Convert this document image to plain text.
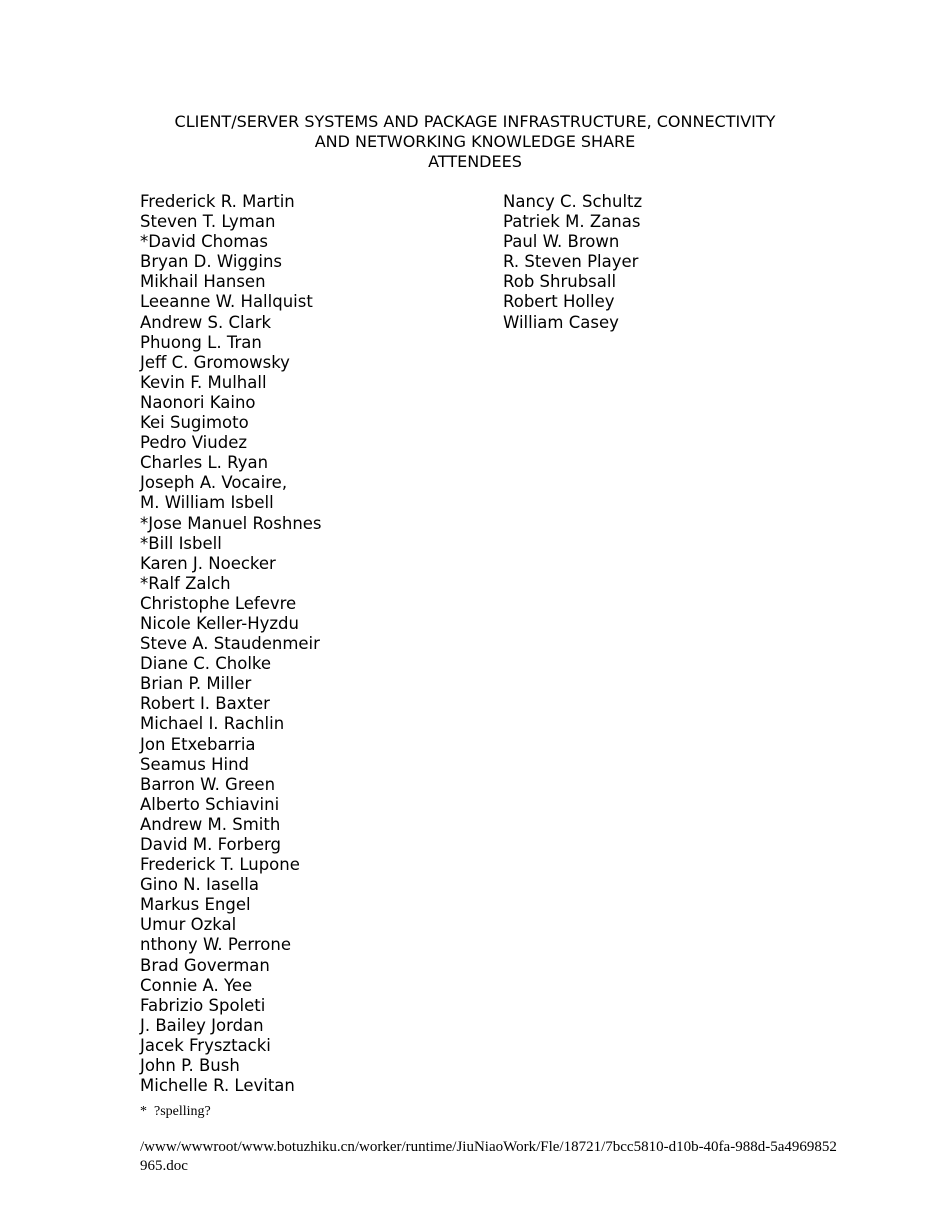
CLIENT/SERVER SYSTEMS AND PACKAGE INFRASTRUCTURE, CONNECTIVITY
AND NETWORKING KNOWLEDGE SHARE
ATTENDEES
Frederick R. Martin
Steven T. Lyman
*David Chomas
Bryan D. Wiggins
Mikhail Hansen
Leeanne W. Hallquist
Andrew S. Clark
Phuong L. Tran
Jeff C. Gromowsky
Kevin F. Mulhall
Naonori Kaino
Kei Sugimoto
Pedro Viudez
Charles L. Ryan
Joseph A. Vocaire,
M. William Isbell
*Jose Manuel Roshnes
*Bill Isbell
Karen J. Noecker
*Ralf Zalch
Christophe Lefevre
Nicole Keller-Hyzdu
Steve A. Staudenmeir
Diane C. Cholke
Brian P. Miller
Robert I. Baxter
Michael I. Rachlin
Jon Etxebarria
Seamus Hind
Barron W. Green
Alberto Schiavini
Andrew M. Smith
David M. Forberg
Frederick T. Lupone
Gino N. Iasella
Markus Engel
Umur Ozkal
nthony W. Perrone
Brad Goverman
Connie A. Yee
Fabrizio Spoleti
J. Bailey Jordan
Jacek Frysztacki
John P. Bush
Michelle R. Levitan
Nancy C. Schultz
Patriek M. Zanas
Paul W. Brown
R. Steven Player
Rob Shrubsall
Robert Holley
William Casey
*  ?spelling?
/www/wwwroot/www.botuzhiku.cn/worker/runtime/JiuNiaoWork/Fle/18721/7bcc5810-d10b-40fa-988d-5a4969852965.doc
